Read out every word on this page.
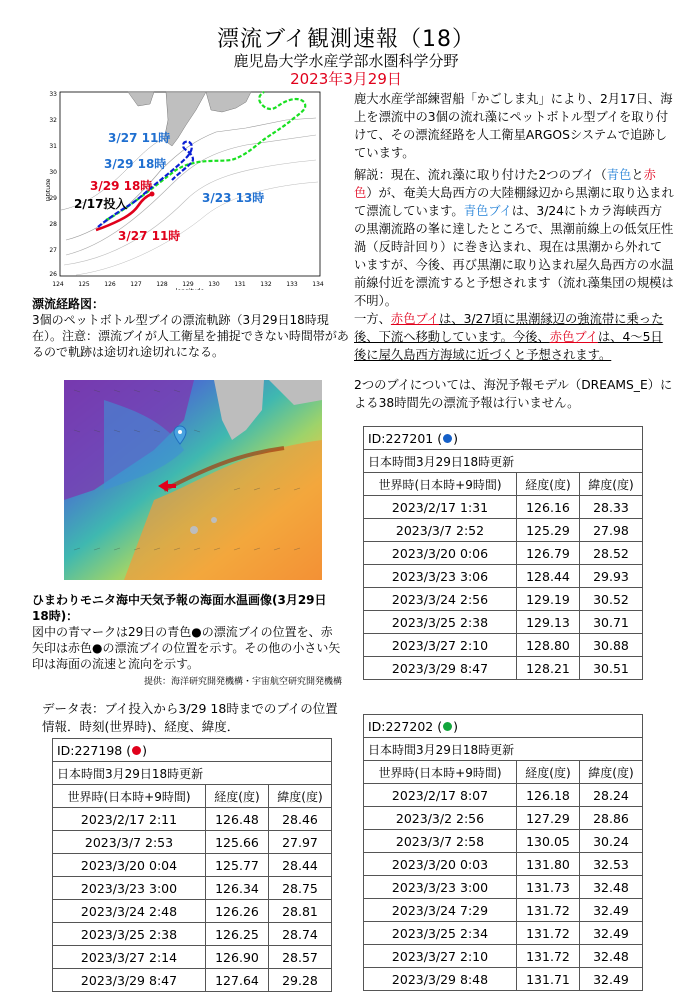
漂流ブイ観測速報（18）
鹿児島大学水産学部水圏科学分野
2023年3月29日
124 125 126 127 128 129 130 131 132 133 134
33
32
31
30
29
28
27
26
latitude
3/27 11時
3/29 18時
3/29 18時
2/17投入	3/23 13時
3/27 11時
漂流経路図：
3個のペットボトル型ブイの漂流軌跡（3月29日18時現在）。注意：漂流ブイが人工衛星を捕捉できない時間帯があるので軌跡は途切れ途切れになる。
鹿大水産学部練習船「かごしま丸」により、2月17日、海上を漂流中の3個の流れ藻にペットボトル型ブイを取り付けて、その漂流経路を人工衛星ARGOSシステムで追跡しています。
解説：現在、流れ藻に取り付けた2つのブイ（青色と赤色）が、奄美大島西方の大陸棚縁辺から黒潮に取り込まれて漂流しています。青色ブイは、3/24にトカラ海峡西方の黒潮流路の峯に達したところで、黒潮前線上の低気圧性渦（反時計回り）に巻き込まれ、現在は黒潮から外れていますが、今後、再び黒潮に取り込まれ屋久島西方の水温前線付近を漂流すると予想されます（流れ藻集団の規模は不明）。
一方、赤色ブイは、3/27頃に黒潮縁辺の強流帯に乗った後、下流へ移動しています。今後、赤色ブイは、4～5日後に屋久島西方海域に近づくと予想されます。
2つのブイについては、海況予報モデル（DREAMS_E）による38時間先の漂流予報は行いません。
ひまわりモニタ海中天気予報の海面水温画像(3月29日18時)：
図中の青マークは29日の青色●の漂流ブイの位置を、赤矢印は赤色●の漂流ブイの位置を示す。その他の小さい矢印は海面の流速と流向を示す。
提供：海洋研究開発機構・宇宙航空研究開発機構
データ表：ブイ投入から3/29 18時までのブイの位置情報．時刻(世界時)、経度、緯度．
ID:227201 ( )		
日本時間3月29日18時更新		
世界時(日本時+9時間)	経度(度)	緯度(度)
2023/2/17 1:31	126.16	28.33
2023/3/7 2:52	125.29	27.98
2023/3/20 0:06	126.79	28.52
2023/3/23 3:06	128.44	29.93
2023/3/24 2:56	129.19	30.52
2023/3/25 2:38	129.13	30.71
2023/3/27 2:10	128.80	30.88
2023/3/29 8:47	128.21	30.51
ID:227198 ( )		
日本時間3月29日18時更新		
世界時(日本時+9時間)	経度(度)	緯度(度)
2023/2/17 2:11	126.48	28.46
2023/3/7 2:53	125.66	27.97
2023/3/20 0:04	125.77	28.44
2023/3/23 3:00	126.34	28.75
2023/3/24 2:48	126.26	28.81
2023/3/25 2:38	126.25	28.74
2023/3/27 2:14	126.90	28.57
2023/3/29 8:47	127.64	29.28
ID:227202 ( )		
日本時間3月29日18時更新		
世界時(日本時+9時間)	経度(度)	緯度(度)
2023/2/17 8:07	126.18	28.24
2023/3/2 2:56	127.29	28.86
2023/3/7 2:58	130.05	30.24
2023/3/20 0:03	131.80	32.53
2023/3/23 3:00	131.73	32.48
2023/3/24 7:29	131.72	32.49
2023/3/25 2:34	131.72	32.49
2023/3/27 2:10	131.72	32.48
2023/3/29 8:48	131.71	32.49
